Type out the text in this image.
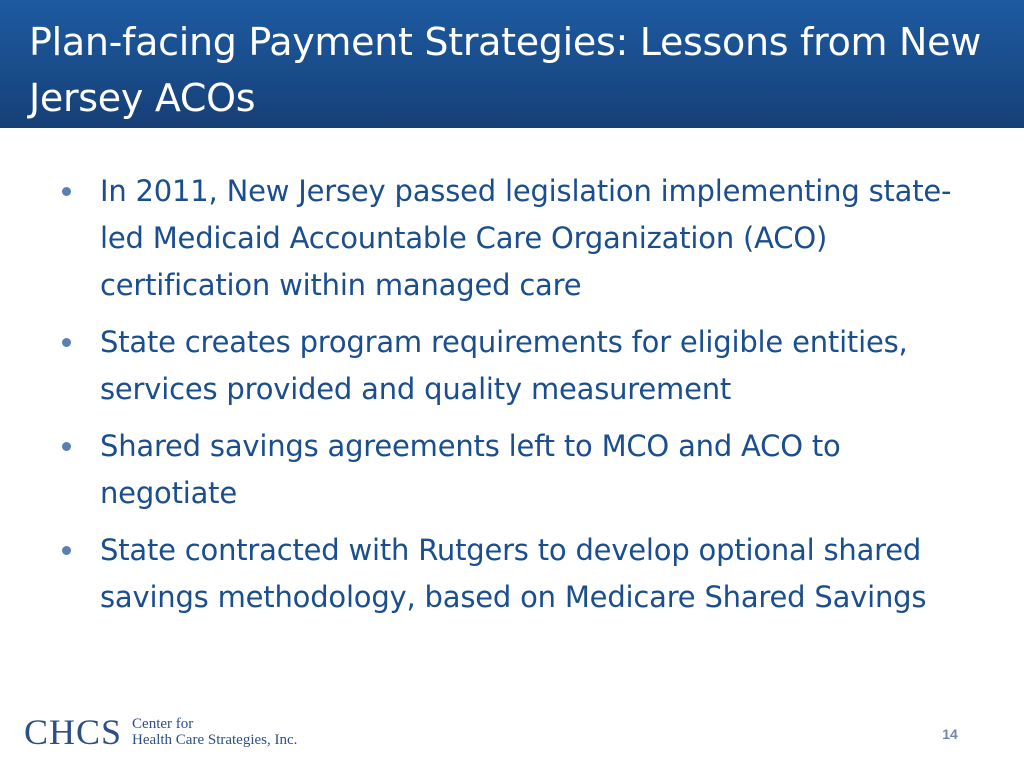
Plan-facing Payment Strategies: Lessons from New Jersey ACOs
In 2011, New Jersey passed legislation implementing state-led Medicaid Accountable Care Organization (ACO) certification within managed care
State creates program requirements for eligible entities, services provided and quality measurement
Shared savings agreements left to MCO and ACO to negotiate
State contracted with Rutgers to develop optional shared savings methodology, based on Medicare Shared Savings
CHCS Center for
Health Care Strategies, Inc.	14
